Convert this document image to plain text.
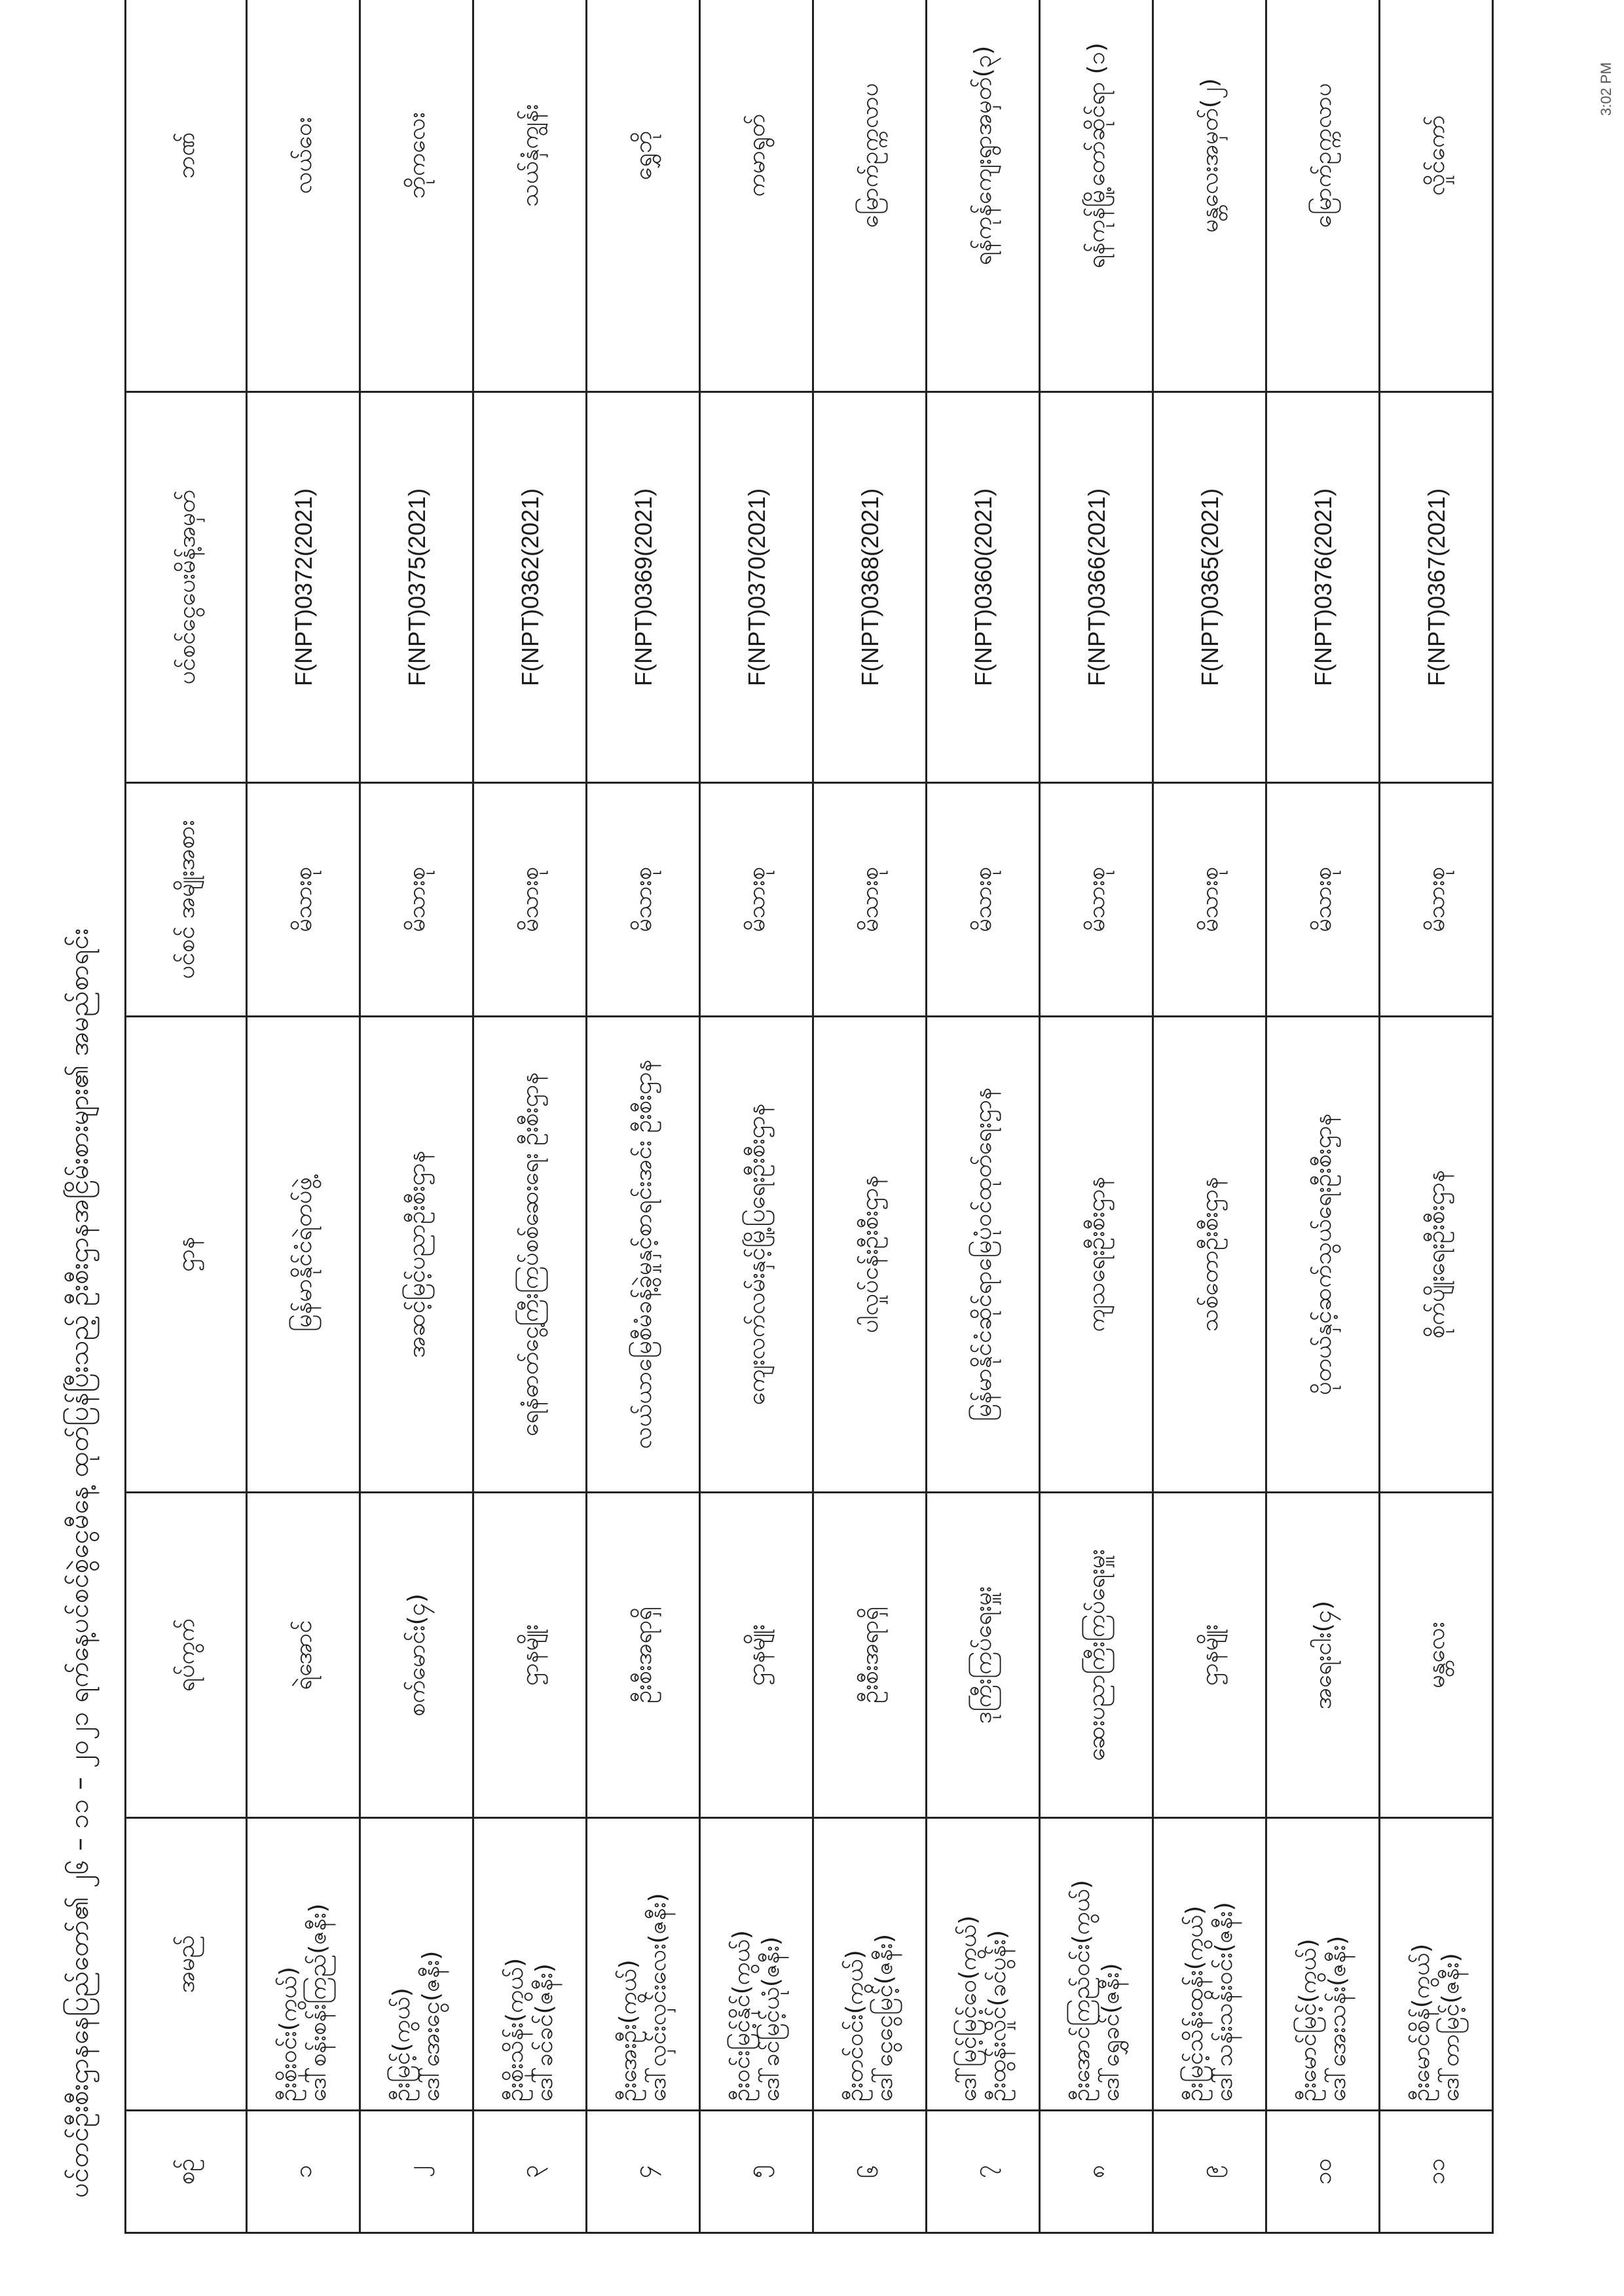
ပင်တင်ဦးစီးဌာနနေပြည်တော်၏ ၂၆ – ၁၁ – ၂၀၂၁ ရက်နေ့ပင်စင်စွဲငွေမီနေ့ ထုတ်ပြန်ပြီးသည့် ဦးစီးဌာနအငြိမ်းစားများ၏ အမည်စာရင်း	စဉ်	အမည်	ရပ်ကွက်	ဌာန	ပင်စင် အမျိုးအစား	ပင်စင်ငွေပေးမိန့်အမှတ်	ဘဏ်
၁	ဦးစိုးဝင်း(ကွယ်) ဒေါ်စန်းစန်းကြည်(ဇနီး)	ရဲအောင်	မြန်မာနိုင်ငံရဲတပ်ဖွဲ့	မိသားစု	F(NPT)0372(2021)	လယ်ဝေး
၂	ဦးမြင့်(ကွယ်) ဒေါ်အေးငွေ(ဇနီး)	စက်မောင်း(၄)	အဆင့်မြင့်ပညာဦးစီးဌာန	မိသားစု	F(NPT)0375(2021)	ဘိုကလေး
၃	ဦးစိုးသိန်း(ကွယ်) ဒေါ်ခင်ခင်(ဇနီး)	ဌာနမျိုး	ရေနံဓာတ်ငွေ့ကြီးကြပ်စစ်ဆေးရေး ဦးစီးဌာန	မိသားစု	F(NPT)0362(2021)	သယ်နှံကျွန်း
၄	ဦးအေးဦး(ကွယ်) ဒေါ်လှင်းလှင်းလေး(ဇနီး)	ဦးစီးအရာရှိ	လယ်ယာမြေစီမံခန့်ခွဲမှုနှင့်စာရင်းအင်း ဦးစီးဌာန	မိသားစု	F(NPT)0369(2021)	ရွှေဘို
၅	ဦးဝင်းမြင့်နိုင်(ကွယ်) ဒေါ်ခင်မြင့်ယုံ(ဇနီး)	ဌာနမျိုး	ကျေးလက်လမ်းနှင့်မြို့ပြရေးဦးစီးဌာန	မိသားစု	F(NPT)0370(2021)	ကမာရွတ်
၆	ဦးတင်ဝင်း(ကွယ်) ဒေါ်ငွေငွေမြင့်(ဇနီး)	ဦးစီးအရာရှိ	ပါလှုပ်ငန်းဦးစီးဌာန	မိသားစု	F(NPT)0368(2021)	မြောက်ဥက္ကလာပ
၇	ဒေါ်မြင့်မြင့်ဝေ(ကွယ်) ဦးထွန်းလှိုင်(ခင်ပွန်း)	ဒုကြီးကြပ်ရေးမှူး	မြန်မာနိုင်ငံဆိုင်ရာမြေပုံဝင်ထုတ်ရေးဌာန	မိသားစု	F(NPT)0360(2021)	ရန်ကုန်ကျေးရွာအမှတ်(၃)
၈	ဦးအောင်ကြည်ဝင်း(ကွယ်) ဒေါ်ရွှေခင်(ဇနီး)	ဆေးပညာကြီးကြပ်ရေးမှူး	ကျသရေးဦးစီးဌာန	မိသားစု	F(NPT)0366(2021)	ရန်ကုန်မြို့တော်ဆိုင်ရာ (၁)
၉	ဦးမြင့်သိန်းထွန်း(ကွယ်) ဒေါ်သန်းသန်းဝင်း(ဇနီး)	ဌာနမျိုး	သစ်တောဦးစီးဌာန	မိသားစု	F(NPT)0365(2021)	မန္တလေးအမှတ်(၂)
၁၀	ဦးမောင်မြင့်(ကွယ်) ဒေါ်အေးသန်း(ဇနီး)	အရေးငါး(၄)	ပိုတယ်နှင့်ဆက်သွယ်ရေးဦးစီးဌာန	မိသားစု	F(NPT)0376(2021)	မြောက်ဥက္ကလာပ
၁၁	ဦးမောင်စိန်(ကွယ်) ဒေါ်တာမြင့်(ဇနီး)	မန္တလေး	စိုက်ပျိုးရေးဦးစီးဌာန	မိသားစု	F(NPT)0367(2021)	လှိုင်ကော်
3:02 PM
